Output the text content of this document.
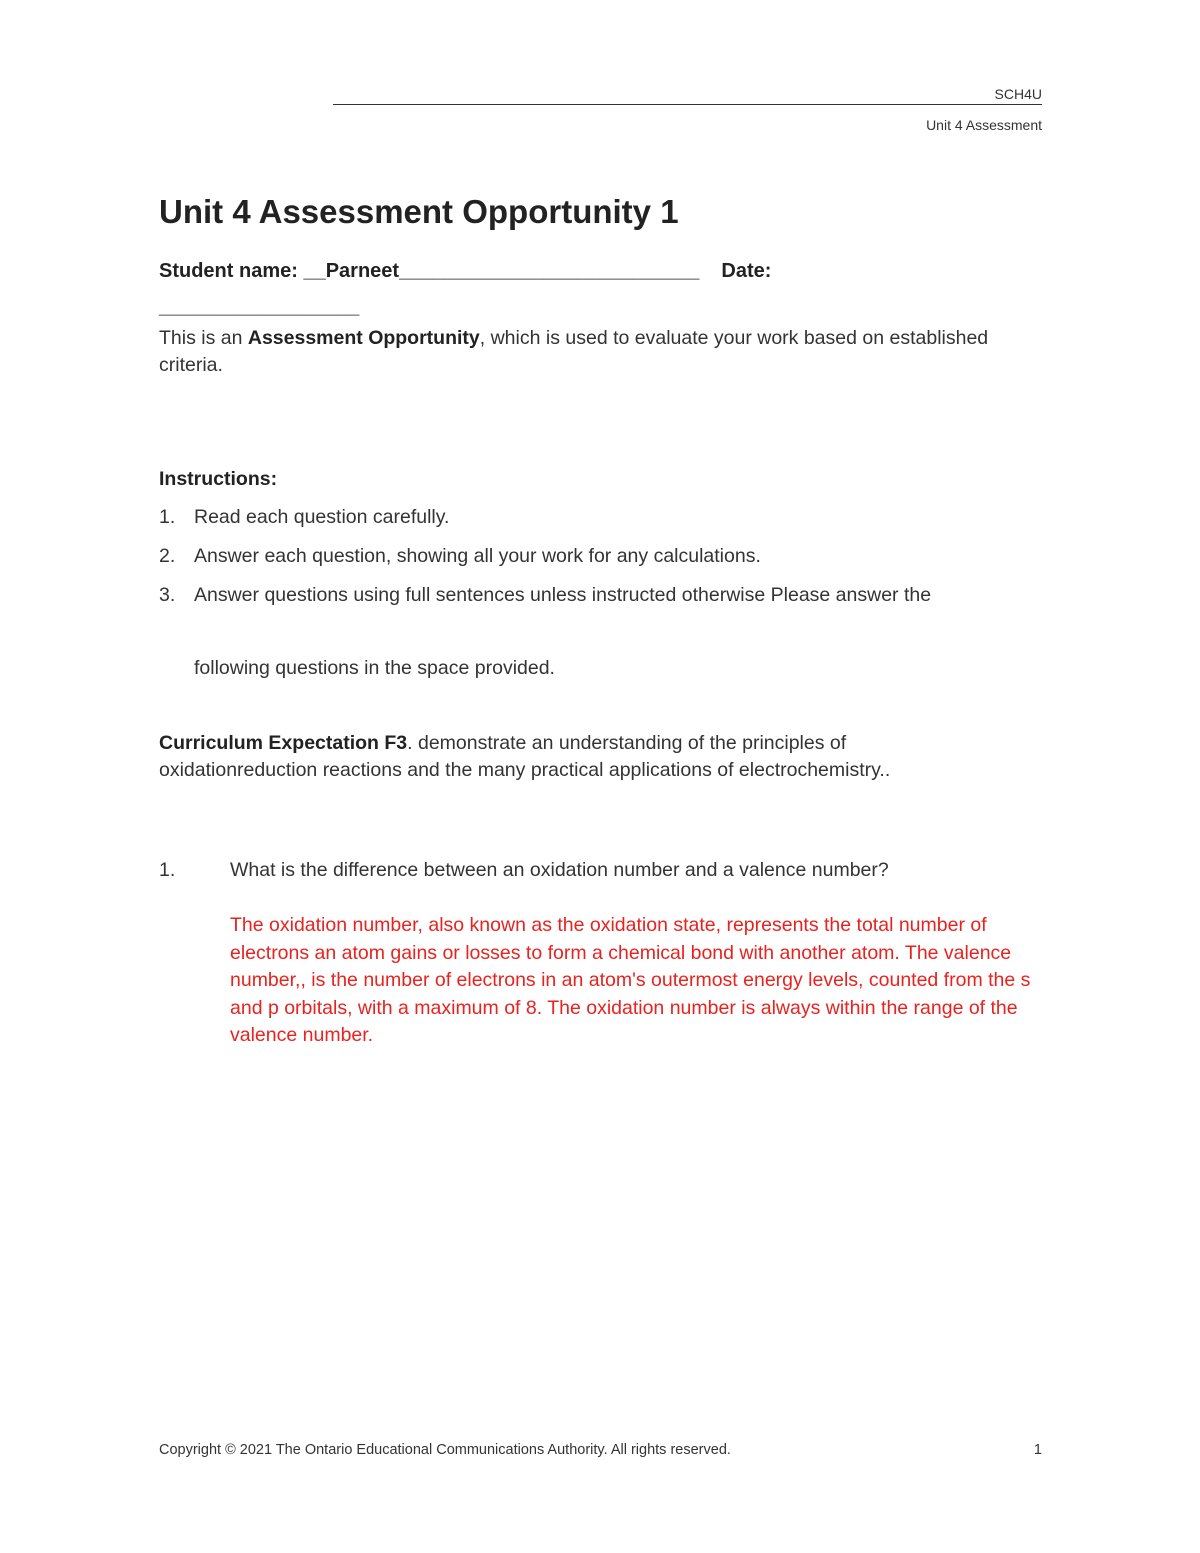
SCH4U
Unit 4 Assessment
Unit 4 Assessment Opportunity 1
Student name: __Parneet___________________________ Date:
__________________
This is an Assessment Opportunity, which is used to evaluate your work based on established criteria.
Instructions:
1. Read each question carefully.
2. Answer each question, showing all your work for any calculations.
3. Answer questions using full sentences unless instructed otherwise Please answer the
following questions in the space provided.
Curriculum Expectation F3. demonstrate an understanding of the principles of oxidationreduction reactions and the many practical applications of electrochemistry..
1.	What is the difference between an oxidation number and a valence number?
The oxidation number, also known as the oxidation state, represents the total number of electrons an atom gains or losses to form a chemical bond with another atom. The valence number,, is the number of electrons in an atom's outermost energy levels, counted from the s and p orbitals, with a maximum of 8. The oxidation number is always within the range of the valence number.
Copyright © 2021 The Ontario Educational Communications Authority. All rights reserved.	1
